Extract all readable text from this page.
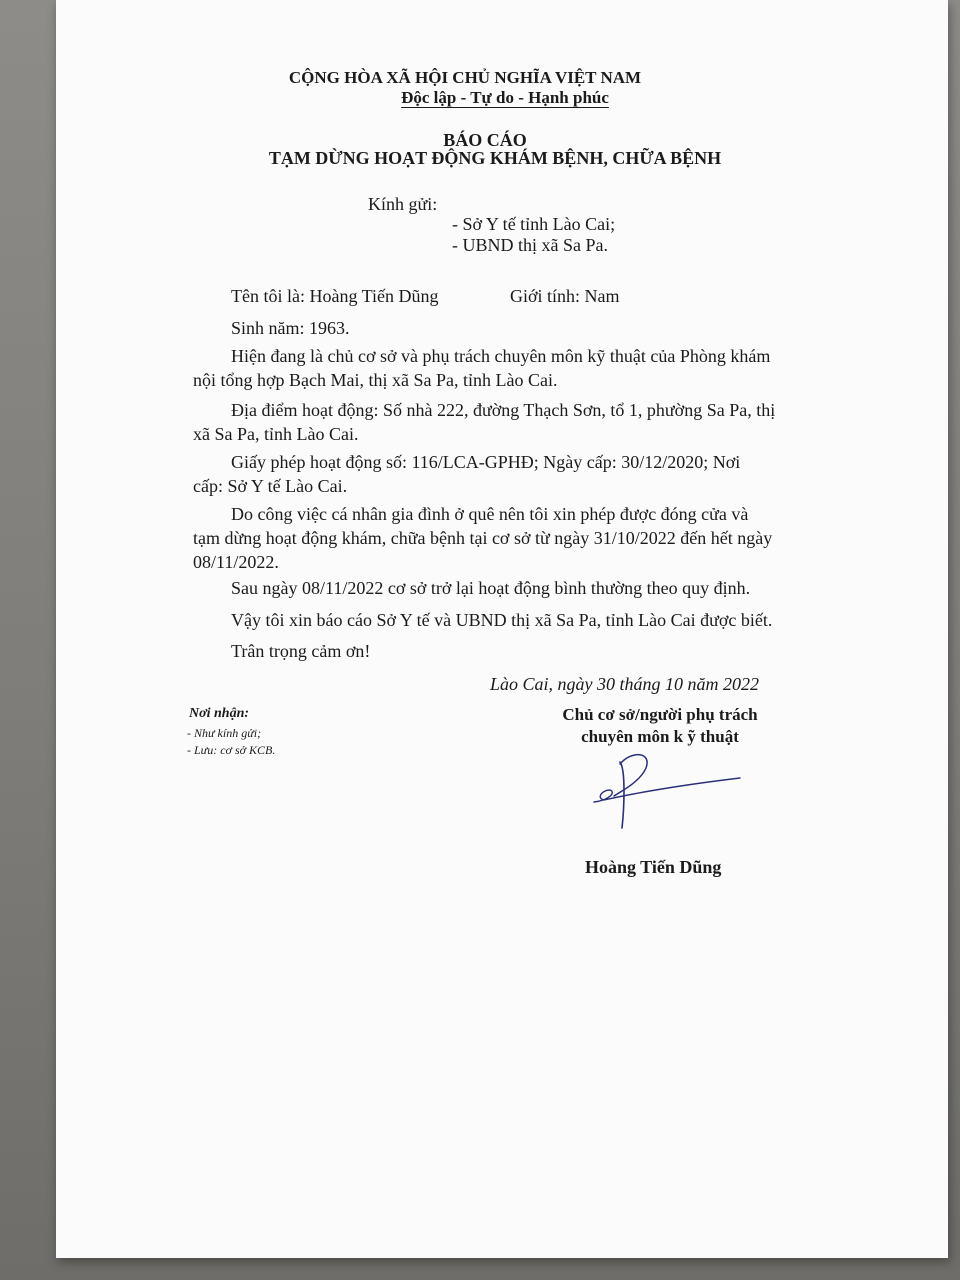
CỘNG HÒA XÃ HỘI CHỦ NGHĨA VIỆT NAM
Độc lập - Tự do - Hạnh phúc
BÁO CÁO
TẠM DỪNG HOẠT ĐỘNG KHÁM BỆNH, CHỮA BỆNH
Kính gửi:
- Sở Y tế tỉnh Lào Cai;
- UBND thị xã Sa Pa.
Tên tôi là: Hoàng Tiến Dũng	Giới tính: Nam
Sinh năm: 1963.
Hiện đang là chủ cơ sở và phụ trách chuyên môn kỹ thuật của Phòng khám
nội tổng hợp Bạch Mai, thị xã Sa Pa, tỉnh Lào Cai.
Địa điểm hoạt động: Số nhà 222, đường Thạch Sơn, tổ 1, phường Sa Pa, thị
xã Sa Pa, tỉnh Lào Cai.
Giấy phép hoạt động số: 116/LCA-GPHĐ; Ngày cấp: 30/12/2020; Nơi
cấp: Sở Y tế Lào Cai.
Do công việc cá nhân gia đình ở quê nên tôi xin phép được đóng cửa và
tạm dừng hoạt động khám, chữa bệnh tại cơ sở từ ngày 31/10/2022 đến hết ngày
08/11/2022.
Sau ngày 08/11/2022 cơ sở trở lại hoạt động bình thường theo quy định.
Vậy tôi xin báo cáo Sở Y tế và UBND thị xã Sa Pa, tỉnh Lào Cai được biết.
Trân trọng cảm ơn!
Lào Cai, ngày 30 tháng 10 năm 2022
Chủ cơ sở/người phụ trách
chuyên môn k ỹ thuật
Hoàng Tiến Dũng
Nơi nhận:
- Như kính gửi;
- Lưu: cơ sở KCB.
